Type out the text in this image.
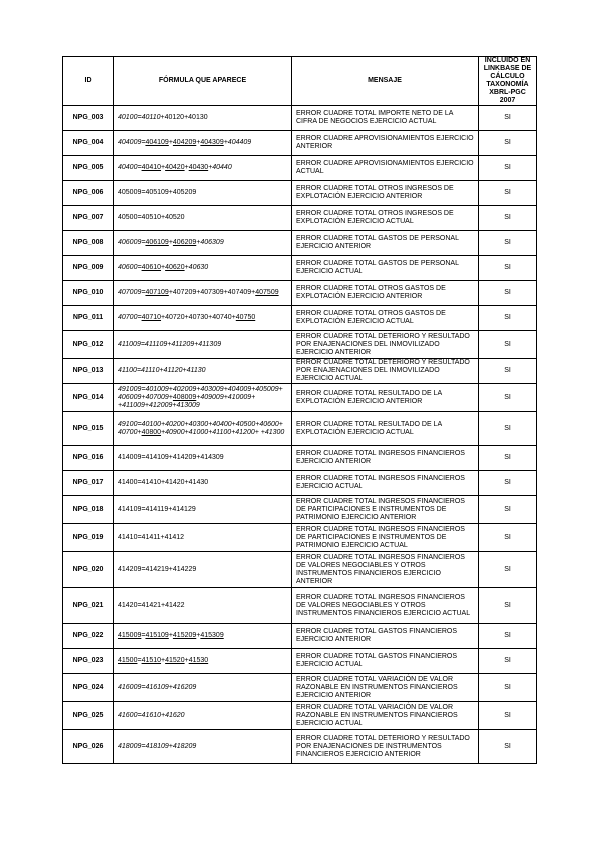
ID	FÓRMULA QUE APARECE	MENSAJE	INCLUIDO EN LINKBASE DE CÁLCULO TAXONOMÍA XBRL-PGC 2007
NPG_003	40100=40110+40120+40130	ERROR CUADRE TOTAL IMPORTE NETO DE LA CIFRA DE NEGOCIOS EJERCICIO ACTUAL	SI
NPG_004	404009=404109+404209+404309+404409	ERROR CUADRE APROVISIONAMIENTOS EJERCICIO ANTERIOR	SI
NPG_005	40400=40410+40420+40430+40440	ERROR CUADRE APROVISIONAMIENTOS EJERCICIO ACTUAL	SI
NPG_006	405009=405109+405209	ERROR CUADRE TOTAL OTROS INGRESOS DE EXPLOTACIÓN EJERCICIO ANTERIOR	SI
NPG_007	40500=40510+40520	ERROR CUADRE TOTAL OTROS INGRESOS DE EXPLOTACIÓN EJERCICIO ACTUAL	SI
NPG_008	406009=406109+406209+406309	ERROR CUADRE TOTAL GASTOS DE PERSONAL EJERCICIO ANTERIOR	SI
NPG_009	40600=40610+40620+40630	ERROR CUADRE TOTAL GASTOS DE PERSONAL EJERCICIO ACTUAL	SI
NPG_010	407009=407109+407209+407309+407409+407509	ERROR CUADRE TOTAL OTROS GASTOS DE EXPLOTACIÓN EJERCICIO ANTERIOR	SI
NPG_011	40700=40710+40720+40730+40740+40750	ERROR CUADRE TOTAL OTROS GASTOS DE EXPLOTACIÓN EJERCICIO ACTUAL	SI
NPG_012	411009=411109+411209+411309	ERROR CUADRE TOTAL DETERIORO Y RESULTADO POR ENAJENACIONES DEL INMOVILIZADO EJERCICIO ANTERIOR	SI
NPG_013	41100=41110+41120+41130	ERROR CUADRE TOTAL DETERIORO Y RESULTADO POR ENAJENACIONES DEL INMOVILIZADO EJERCICIO ACTUAL	SI
NPG_014	491009=401009+402009+403009+404009+405009+ 406009+407009+408009+409009+410009+ +411009+412009+413009	ERROR CUADRE TOTAL RESULTADO DE LA EXPLOTACIÓN EJERCICIO ANTERIOR	SI
NPG_015	49100=40100+40200+40300+40400+40500+40600+ 40700+40800+40900+41000+41100+41200+ +41300	ERROR CUADRE TOTAL RESULTADO DE LA EXPLOTACIÓN EJERCICIO ACTUAL	SI
NPG_016	414009=414109+414209+414309	ERROR CUADRE TOTAL INGRESOS FINANCIEROS EJERCICIO ANTERIOR	SI
NPG_017	41400=41410+41420+41430	ERROR CUADRE TOTAL INGRESOS FINANCIEROS EJERCICIO ACTUAL	SI
NPG_018	414109=414119+414129	ERROR CUADRE TOTAL INGRESOS FINANCIEROS DE PARTICIPACIONES E INSTRUMENTOS DE PATRIMONIO EJERCICIO ANTERIOR	SI
NPG_019	41410=41411+41412	ERROR CUADRE TOTAL INGRESOS FINANCIEROS DE PARTICIPACIONES E INSTRUMENTOS DE PATRIMONIO EJERCICIO ACTUAL	SI
NPG_020	414209=414219+414229	ERROR CUADRE TOTAL INGRESOS FINANCIEROS DE VALORES NEGOCIABLES Y OTROS INSTRUMENTOS FINANCIEROS EJERCICIO ANTERIOR	SI
NPG_021	41420=41421+41422	ERROR CUADRE TOTAL INGRESOS FINANCIEROS DE VALORES NEGOCIABLES Y OTROS INSTRUMENTOS FINANCIEROS EJERCICIO ACTUAL	SI
NPG_022	415009=415109+415209+415309	ERROR CUADRE TOTAL GASTOS FINANCIEROS EJERCICIO ANTERIOR	SI
NPG_023	41500=41510+41520+41530	ERROR CUADRE TOTAL GASTOS FINANCIEROS EJERCICIO ACTUAL	SI
NPG_024	416009=416109+416209	ERROR CUADRE TOTAL VARIACIÓN DE VALOR RAZONABLE EN INSTRUMENTOS FINANCIEROS EJERCICIO ANTERIOR	SI
NPG_025	41600=41610+41620	ERROR CUADRE TOTAL VARIACIÓN DE VALOR RAZONABLE EN INSTRUMENTOS FINANCIEROS EJERCICIO ACTUAL	SI
NPG_026	418009=418109+418209	ERROR CUADRE TOTAL DETERIORO Y RESULTADO POR ENAJENACIONES DE INSTRUMENTOS FINANCIEROS EJERCICIO ANTERIOR	SI
